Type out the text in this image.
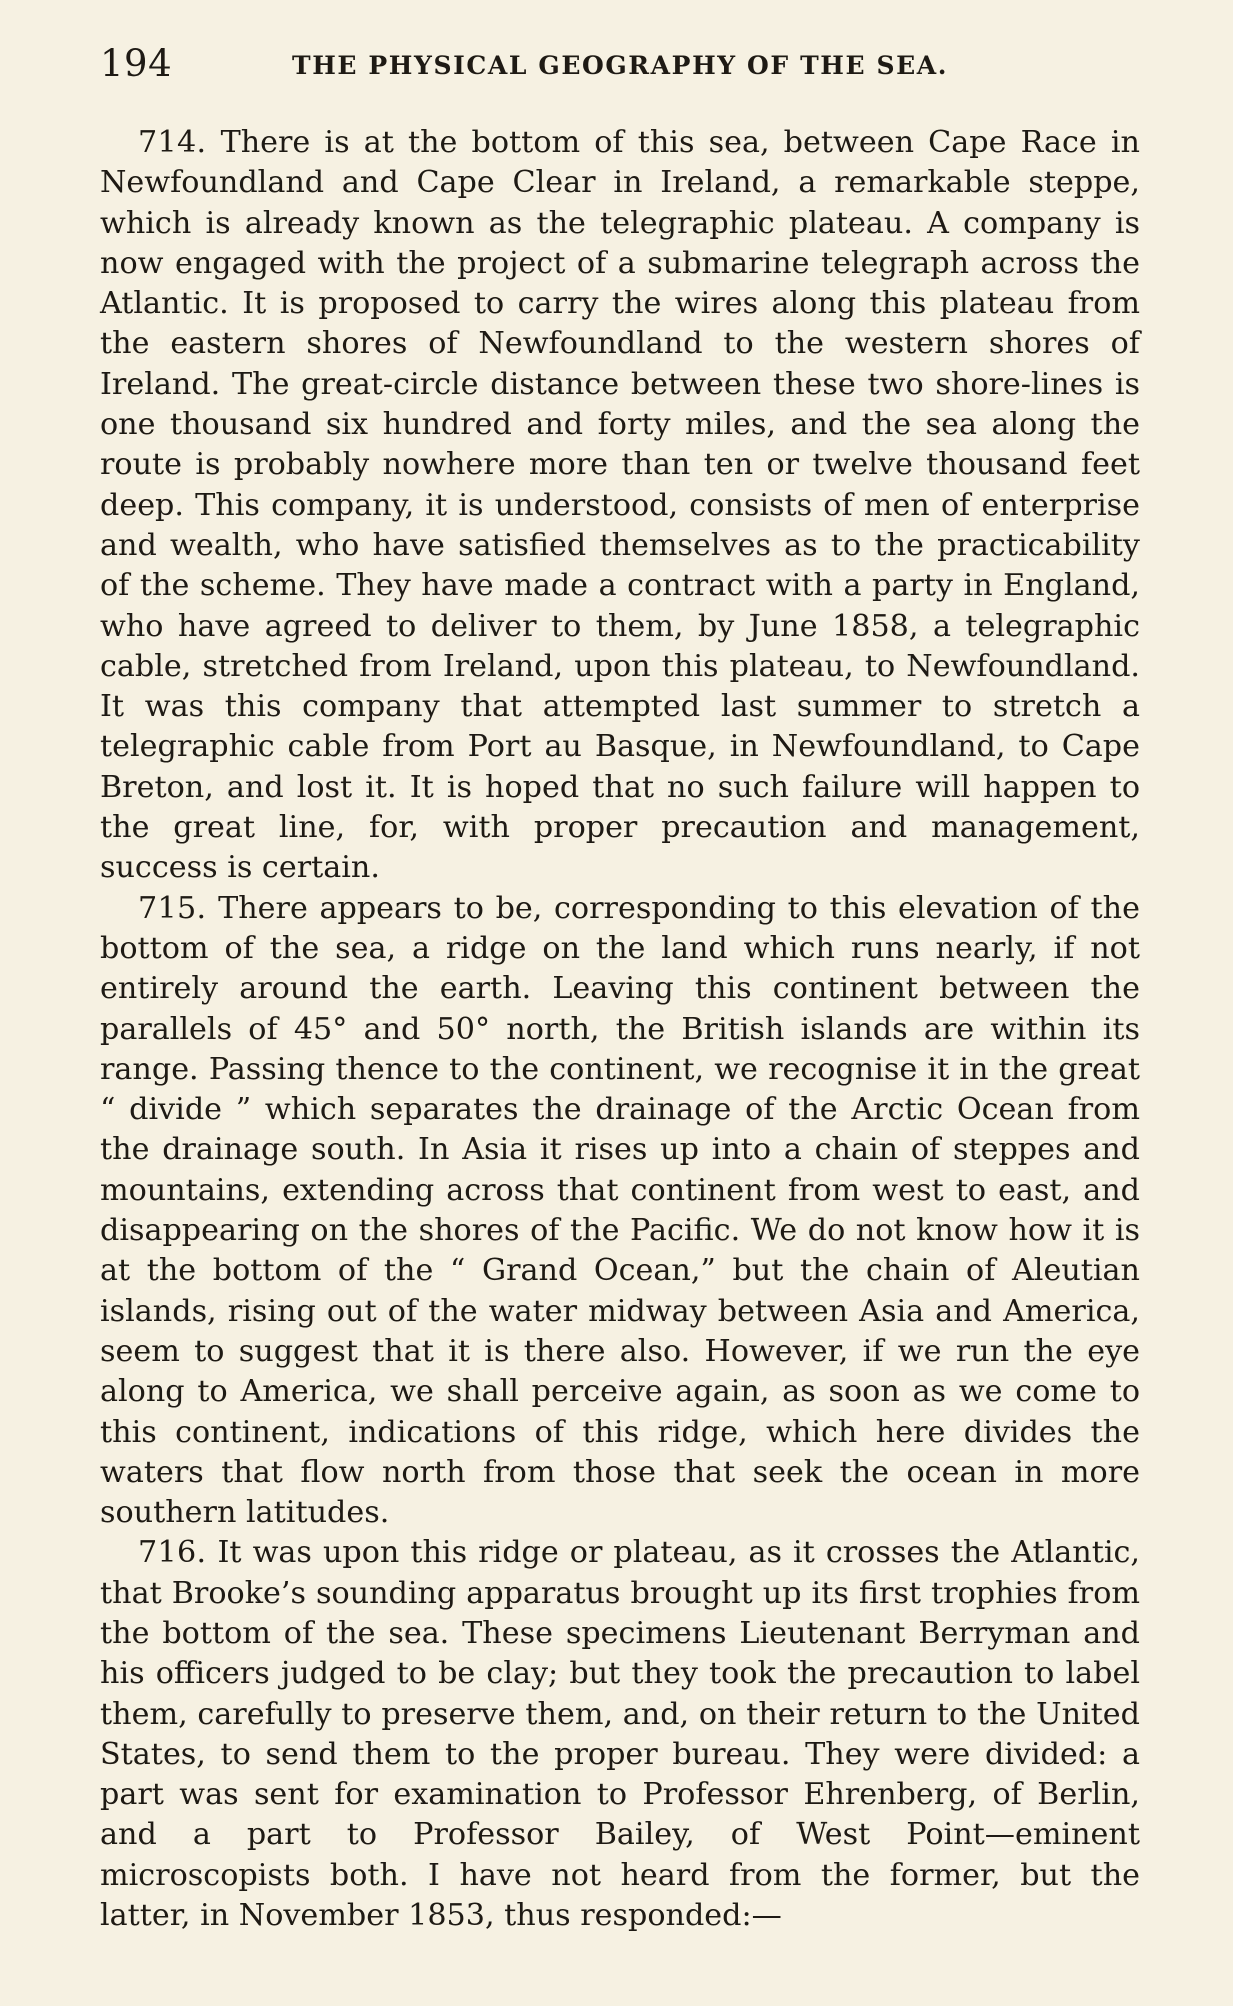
194	THE PHYSICAL GEOGRAPHY OF THE SEA.

714. There is at the bottom of this sea, between Cape Race in Newfoundland and Cape Clear in Ireland, a remarkable steppe, which is already known as the telegraphic plateau. A company is now engaged with the project of a submarine telegraph across the Atlantic. It is proposed to carry the wires along this plateau from the eastern shores of Newfoundland to the western shores of Ireland. The great-circle distance between these two shore-lines is one thousand six hundred and forty miles, and the sea along the route is probably nowhere more than ten or twelve thousand feet deep. This company, it is understood, consists of men of enterprise and wealth, who have satisfied themselves as to the practicability of the scheme. They have made a contract with a party in England, who have agreed to deliver to them, by June 1858, a telegraphic cable, stretched from Ireland, upon this plateau, to Newfoundland. It was this company that attempted last summer to stretch a telegraphic cable from Port au Basque, in Newfoundland, to Cape Breton, and lost it. It is hoped that no such failure will happen to the great line, for, with proper precaution and management, success is certain.

715. There appears to be, corresponding to this elevation of the bottom of the sea, a ridge on the land which runs nearly, if not entirely around the earth. Leaving this continent between the parallels of 45° and 50° north, the British islands are within its range. Passing thence to the continent, we recognise it in the great “ divide ” which separates the drainage of the Arctic Ocean from the drainage south. In Asia it rises up into a chain of steppes and mountains, extending across that continent from west to east, and disappearing on the shores of the Pacific. We do not know how it is at the bottom of the “ Grand Ocean,” but the chain of Aleutian islands, rising out of the water midway between Asia and America, seem to suggest that it is there also. However, if we run the eye along to America, we shall perceive again, as soon as we come to this continent, indications of this ridge, which here divides the waters that flow north from those that seek the ocean in more southern latitudes.

716. It was upon this ridge or plateau, as it crosses the Atlantic, that Brooke’s sounding apparatus brought up its first trophies from the bottom of the sea. These specimens Lieutenant Berryman and his officers judged to be clay; but they took the precaution to label them, carefully to preserve them, and, on their return to the United States, to send them to the proper bureau. They were divided: a part was sent for examination to Professor Ehrenberg, of Berlin, and a part to Professor Bailey, of West Point—eminent microscopists both. I have not heard from the former, but the latter, in November 1853, thus responded:—
